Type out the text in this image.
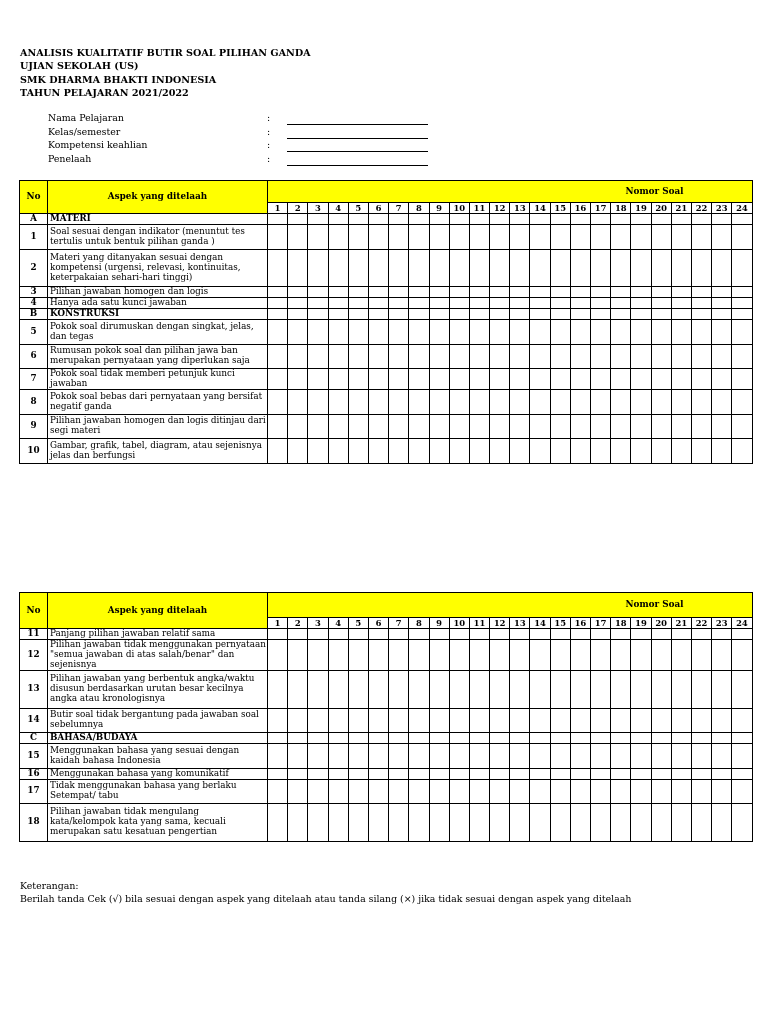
ANALISIS KUALITATIF BUTIR SOAL PILIHAN GANDA
UJIAN SEKOLAH (US)
SMK DHARMA BHAKTI INDONESIA
TAHUN PELAJARAN 2021/2022
Nama Pelajaran	:
Kelas/semester	:
Kompetensi keahlian	:
Penelaah	:
No	Aspek yang ditelaah	Nomor Soal																							
		1	2	3	4	5	6	7	8	9	10	11	12	13	14	15	16	17	18	19	20	21	22	23	24
A	MATERI																								
1	Soal sesuai dengan indikator (menuntut tes tertulis untuk bentuk pilihan ganda )																								
2	Materi yang ditanyakan sesuai dengan kompetensi (urgensi, relevasi, kontinuitas, keterpakaian sehari-hari tinggi)																								
3	Pilihan jawaban homogen dan logis																								
4	Hanya ada satu kunci jawaban																								
B	KONSTRUKSI																								
5	Pokok soal dirumuskan dengan singkat, jelas, dan tegas																								
6	Rumusan pokok soal dan pilihan jawa ban merupakan pernyataan yang diperlukan saja																								
7	Pokok soal tidak memberi petunjuk kunci jawaban																								
8	Pokok soal bebas dari pernyataan yang bersifat negatif ganda																								
9	Pilihan jawaban homogen dan logis ditinjau dari segi materi																								
10	Gambar, grafik, tabel, diagram, atau sejenisnya jelas dan berfungsi																								
No	Aspek yang ditelaah	Nomor Soal																							
		1	2	3	4	5	6	7	8	9	10	11	12	13	14	15	16	17	18	19	20	21	22	23	24
11	Panjang pilihan jawaban relatif sama																								
12	Pilihan jawaban tidak menggunakan pernyataan "semua jawaban di atas salah/benar" dan sejenisnya																								
13	Pilihan jawaban yang berbentuk angka/waktu disusun berdasarkan urutan besar kecilnya angka atau kronologisnya																								
14	Butir soal tidak bergantung pada jawaban soal sebelumnya																								
C	BAHASA/BUDAYA																								
15	Menggunakan bahasa yang sesuai dengan kaidah bahasa Indonesia																								
16	Menggunakan bahasa yang komunikatif																								
17	Tidak menggunakan bahasa yang berlaku Setempat/ tabu																								
18	Pilihan jawaban tidak mengulang kata/kelompok kata yang sama, kecuali merupakan satu kesatuan pengertian																								
Keterangan:
Berilah tanda Cek (√) bila sesuai dengan aspek yang ditelaah atau tanda silang (×) jika tidak sesuai dengan aspek yang ditelaah
